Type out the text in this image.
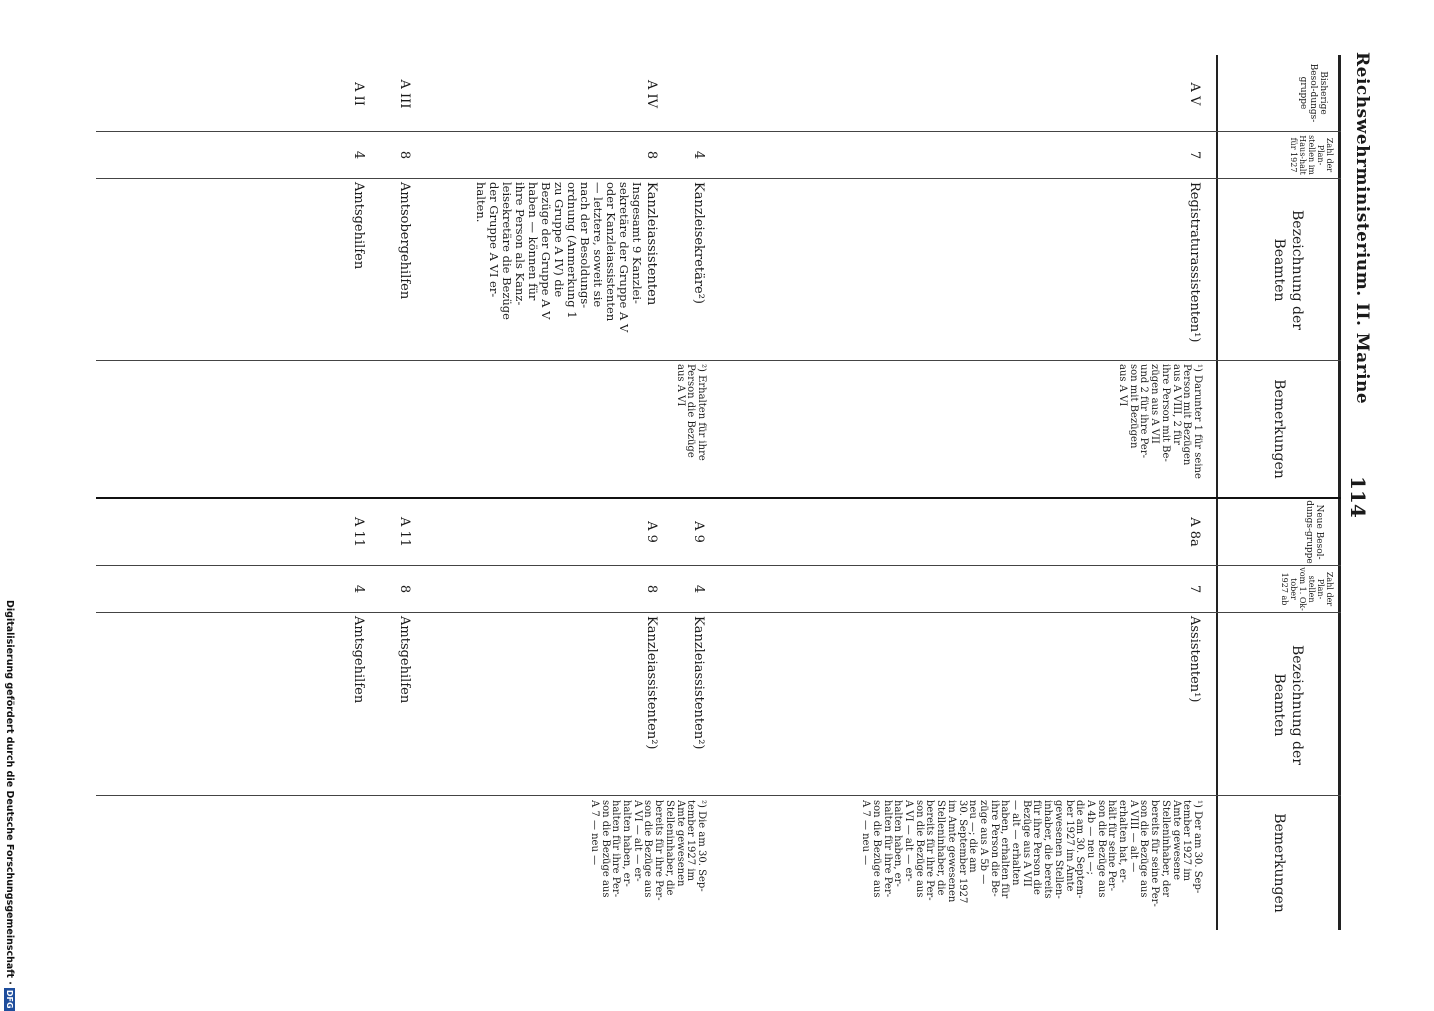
Reichswehrministerium. II. Marine
114
Bisherige Besol-dungs-gruppe
Zahl der Plan-stellen im Haus-halt für 1927
Bezeichnung der Beamten
Bemerkungen
Neue Besol-dungs-gruppe
Zahl der Plan-stellen vom 1. Ok-tober 1927 ab
Bezeichnung der Beamten
Bemerkungen
A V
7
Registraturassistenten¹)
¹) Darunter 1 für seine
Person mit Bezügen
aus A VIII, 2 für
ihre Person mit Be-
zügen aus A VII
und 2 für ihre Per-
son mit Bezügen
aus A VI
A IV
4
Kanzleisekretäre²)
²) Erhalten für ihre
Person die Bezüge
aus A VI
8
Kanzleiassistenten
Insgesamt 9 Kanzlei-
sekretäre der Gruppe A V
oder Kanzleiassistenten
— letztere, soweit sie
nach der Besoldungs-
ordnung (Anmerkung 1
zu Gruppe A IV) die
Bezüge der Gruppe A V
haben — können für
ihre Person als Kanz-
leisekretäre die Bezüge
der Gruppe A VI er-
halten.
A III
8
Amtsobergehilfen
A II
4
Amtsgehilfen
A 8a
7
Assistenten¹)
¹) Der am 30. Sep-
tember 1927 im
Amte gewesene
Stelleninhaber, der
bereits für seine Per-
son die Bezüge aus
A VIII — alt —
erhalten hat, er-
hält für seine Per-
son die Bezüge aus
A 4b — neu —;
die am 30. Septem-
ber 1927 im Amte
gewesenen Stellen-
inhaber, die bereits
für ihre Person die
Bezüge aus A VII
— alt — erhalten
haben, erhalten für
ihre Person die Be-
züge aus A 5b —
neu —; die am
30. September 1927
im Amte gewesenen
Stelleninhaber, die
bereits für ihre Per-
son die Bezüge aus
A VI — alt — er-
halten haben, er-
halten für ihre Per-
son die Bezüge aus
A 7 — neu —
A 9
4
Kanzleiassistenten²)
A 9
8
Kanzleiassistenten²)
²) Die am 30. Sep-
tember 1927 im
Amte gewesenen
Stelleninhaber, die
bereits für ihre Per-
son die Bezüge aus
A VI — alt — er-
halten haben, er-
halten für ihre Per-
son die Bezüge aus
A 7 — neu —
A 11
8
Amtsgehilfen
A 11
4
Amtsgehilfen
Digitalisierung gefördert durch die Deutsche Forschungsgemeinschaft ·DFG
